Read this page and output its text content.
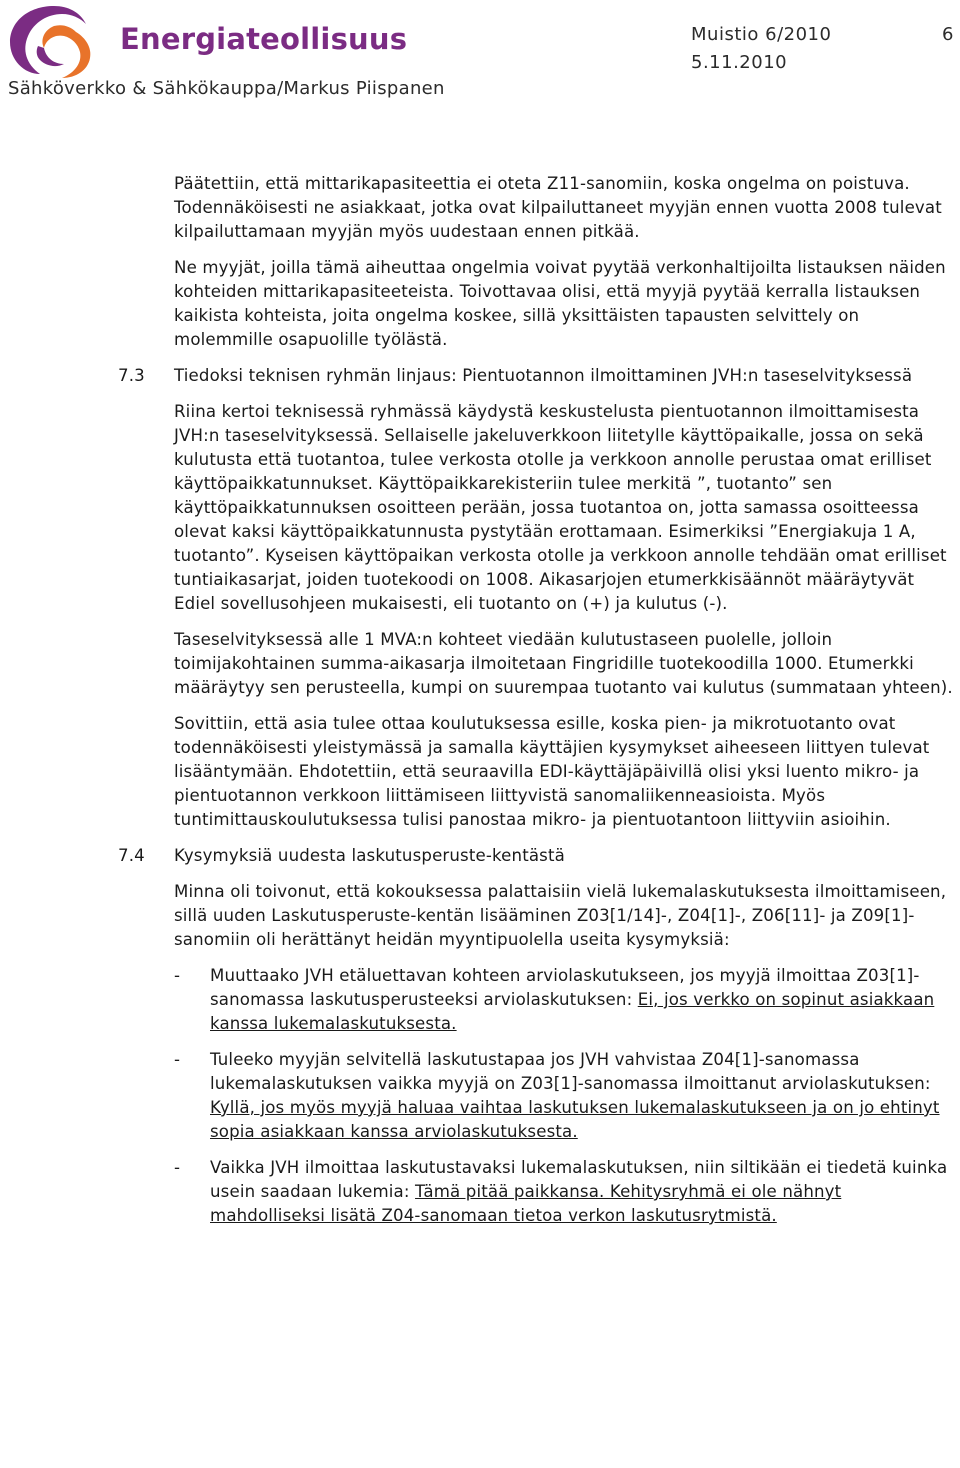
Energiateollisuus
Sähköverkko & Sähkökauppa/Markus Piispanen
Muistio 6/2010
5.11.2010
6

Päätettiin, että mittarikapasiteettia ei oteta Z11-sanomiin, koska ongelma on poistuva. Todennäköisesti ne asiakkaat, jotka ovat kilpailuttaneet myyjän ennen vuotta 2008 tulevat kilpailuttamaan myyjän myös uudestaan ennen pitkää.

Ne myyjät, joilla tämä aiheuttaa ongelmia voivat pyytää verkonhaltijoilta listauksen näiden kohteiden mittarikapasiteeteista. Toivottavaa olisi, että myyjä pyytää kerralla listauksen kaikista kohteista, joita ongelma koskee, sillä yksittäisten tapausten selvittely on molemmille osapuolille työlästä.

7.3 Tiedoksi teknisen ryhmän linjaus: Pientuotannon ilmoittaminen JVH:n taseselvityksessä

Riina kertoi teknisessä ryhmässä käydystä keskustelusta pientuotannon ilmoittamisesta JVH:n taseselvityksessä. Sellaiselle jakeluverkkoon liitetylle käyttöpaikalle, jossa on sekä kulutusta että tuotantoa, tulee verkosta otolle ja verkkoon annolle perustaa omat erilliset käyttöpaikkatunnukset. Käyttöpaikkarekisteriin tulee merkitä ”, tuotanto” sen käyttöpaikkatunnuksen osoitteen perään, jossa tuotantoa on, jotta samassa osoitteessa olevat kaksi käyttöpaikkatunnusta pystytään erottamaan. Esimerkiksi ”Energiakuja 1 A, tuotanto”. Kyseisen käyttöpaikan verkosta otolle ja verkkoon annolle tehdään omat erilliset tuntiaikasarjat, joiden tuotekoodi on 1008. Aikasarjojen etumerkkisäännöt määräytyvät Ediel sovellusohjeen mukaisesti, eli tuotanto on (+) ja kulutus (-).

Taseselvityksessä alle 1 MVA:n kohteet viedään kulutustaseen puolelle, jolloin toimijakohtainen summa-aikasarja ilmoitetaan Fingridille tuotekoodilla 1000. Etumerkki määräytyy sen perusteella, kumpi on suurempaa tuotanto vai kulutus (summataan yhteen).

Sovittiin, että asia tulee ottaa koulutuksessa esille, koska pien- ja mikrotuotanto ovat todennäköisesti yleistymässä ja samalla käyttäjien kysymykset aiheeseen liittyen tulevat lisääntymään. Ehdotettiin, että seuraavilla EDI-käyttäjäpäivillä olisi yksi luento mikro- ja pientuotannon verkkoon liittämiseen liittyvistä sanomaliikenneasioista. Myös tuntimittauskoulutuksessa tulisi panostaa mikro- ja pientuotantoon liittyviin asioihin.

7.4 Kysymyksiä uudesta laskutusperuste-kentästä

Minna oli toivonut, että kokouksessa palattaisiin vielä lukemalaskutuksesta ilmoittamiseen, sillä uuden Laskutusperuste-kentän lisääminen Z03[1/14]-, Z04[1]-, Z06[11]- ja Z09[1]-sanomiin oli herättänyt heidän myyntipuolella useita kysymyksiä:

- Muuttaako JVH etäluettavan kohteen arviolaskutukseen, jos myyjä ilmoittaa Z03[1]-sanomassa laskutusperusteeksi arviolaskutuksen: Ei, jos verkko on sopinut asiakkaan kanssa lukemalaskutuksesta.
- Tuleeko myyjän selvitellä laskutustapaa jos JVH vahvistaa Z04[1]-sanomassa lukemalaskutuksen vaikka myyjä on Z03[1]-sanomassa ilmoittanut arviolaskutuksen: Kyllä, jos myös myyjä haluaa vaihtaa laskutuksen lukemalaskutukseen ja on jo ehtinyt sopia asiakkaan kanssa arviolaskutuksesta.
- Vaikka JVH ilmoittaa laskutustavaksi lukemalaskutuksen, niin siltikään ei tiedetä kuinka usein saadaan lukemia: Tämä pitää paikkansa. Kehitysryhmä ei ole nähnyt mahdolliseksi lisätä Z04-sanomaan tietoa verkon laskutusrytmistä.
